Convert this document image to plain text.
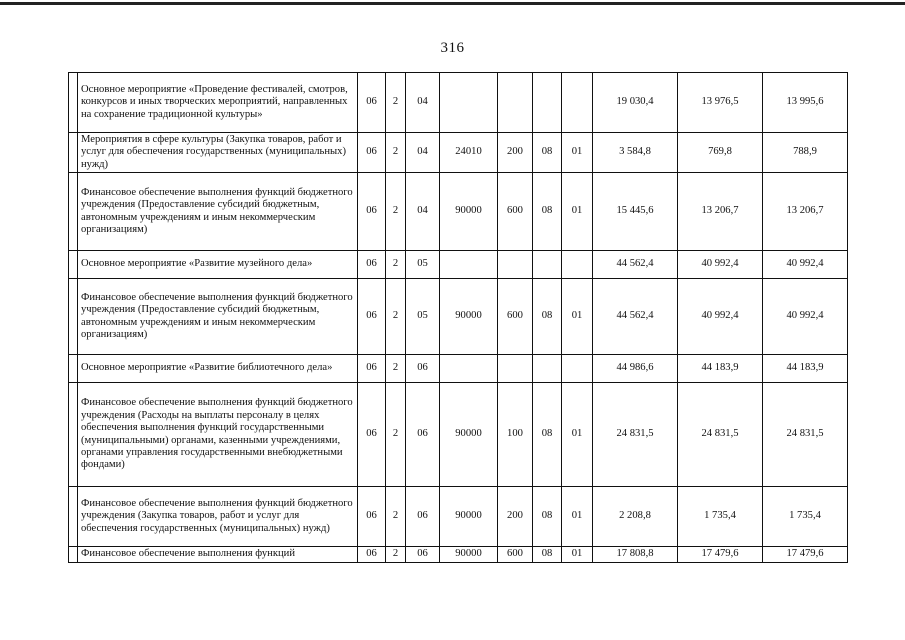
316
	Основное мероприятие «Проведение фестивалей, смотров, конкурсов и иных творческих мероприятий, направленных на сохранение традиционной культуры»	06	2	04					19 030,4	13 976,5	13 995,6
	Мероприятия в сфере культуры (Закупка товаров, работ и услуг для обеспечения государственных (муниципальных) нужд)	06	2	04	24010	200	08	01	3 584,8	769,8	788,9
	Финансовое обеспечение выполнения функций бюджетного учреждения (Предоставление субсидий бюджетным, автономным учреждениям и иным некоммерческим организациям)	06	2	04	90000	600	08	01	15 445,6	13 206,7	13 206,7
	Основное мероприятие «Развитие музейного дела»	06	2	05					44 562,4	40 992,4	40 992,4
	Финансовое обеспечение выполнения функций бюджетного учреждения (Предоставление субсидий бюджетным, автономным учреждениям и иным некоммерческим организациям)	06	2	05	90000	600	08	01	44 562,4	40 992,4	40 992,4
	Основное мероприятие «Развитие библиотечного дела»	06	2	06					44 986,6	44 183,9	44 183,9
	Финансовое обеспечение выполнения функций бюджетного учреждения (Расходы на выплаты персоналу в целях обеспечения выполнения функций государственными (муниципальными) органами, казенными учреждениями, органами управления государственными внебюджетными фондами)	06	2	06	90000	100	08	01	24 831,5	24 831,5	24 831,5
	Финансовое обеспечение выполнения функций бюджетного учреждения (Закупка товаров, работ и услуг для обеспечения государственных (муниципальных) нужд)	06	2	06	90000	200	08	01	2 208,8	1 735,4	1 735,4
	Финансовое обеспечение выполнения функций	06	2	06	90000	600	08	01	17 808,8	17 479,6	17 479,6
